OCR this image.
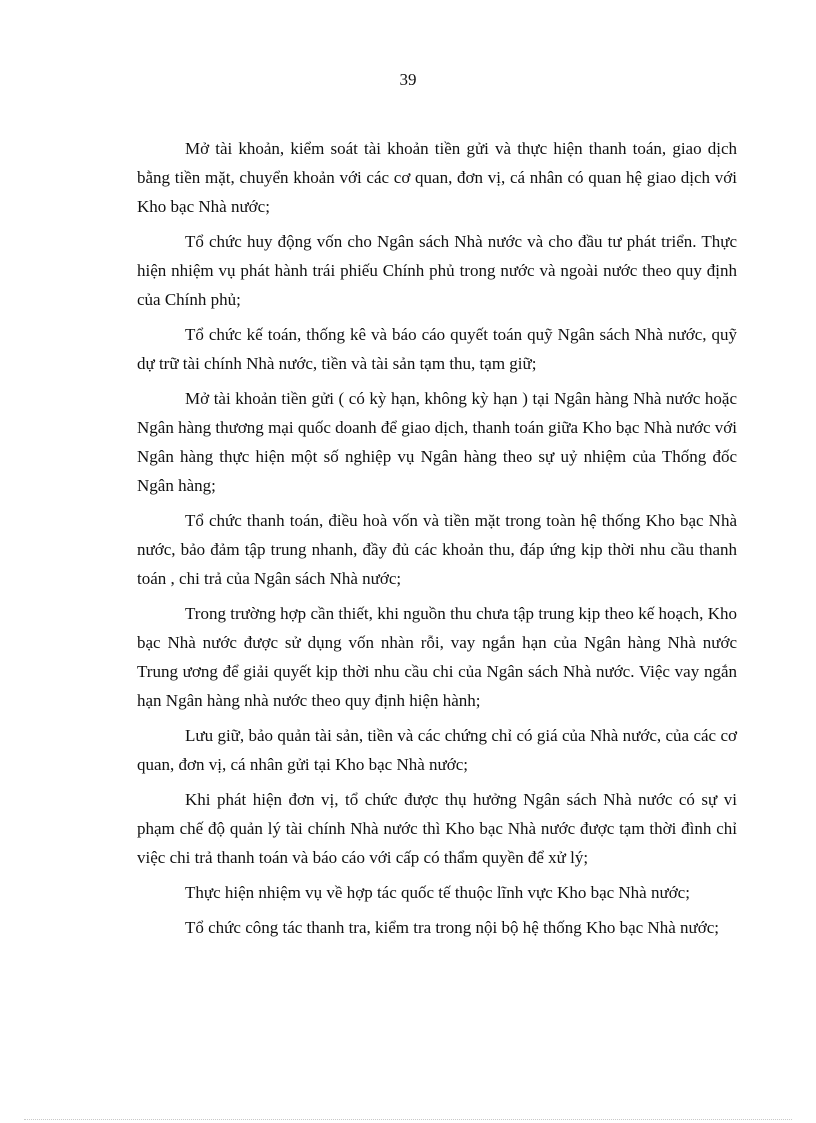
39

Mở tài khoản, kiểm soát tài khoản tiền gửi và thực hiện thanh toán, giao dịch bằng tiền mặt, chuyển khoản với các cơ quan, đơn vị, cá nhân có quan hệ giao dịch với Kho bạc Nhà nước;

Tổ chức huy động vốn cho Ngân sách Nhà nước và cho đầu tư phát triển. Thực hiện nhiệm vụ phát hành trái phiếu Chính phủ trong nước và ngoài nước theo quy định của Chính phủ;

Tổ chức kế toán, thống kê và báo cáo quyết toán quỹ Ngân sách Nhà nước, quỹ dự trữ tài chính Nhà nước, tiền và tài sản tạm thu, tạm giữ;

Mở tài khoản tiền gửi ( có kỳ hạn, không kỳ hạn ) tại Ngân hàng Nhà nước hoặc Ngân hàng thương mại quốc doanh để giao dịch, thanh toán giữa Kho bạc Nhà nước với Ngân hàng thực hiện một số nghiệp vụ Ngân hàng theo sự uỷ nhiệm của Thống đốc Ngân hàng;

Tổ chức thanh toán, điều hoà vốn và tiền mặt trong toàn hệ thống Kho bạc Nhà nước, bảo đảm tập trung nhanh, đầy đủ các khoản thu, đáp ứng kịp thời nhu cầu thanh toán , chi trả của Ngân sách Nhà nước;

Trong trường hợp cần thiết, khi nguồn thu chưa tập trung kịp theo kế hoạch, Kho bạc Nhà nước được sử dụng vốn nhàn rỗi, vay ngắn hạn của Ngân hàng Nhà nước Trung ương để giải quyết kịp thời nhu cầu chi của Ngân sách Nhà nước. Việc vay ngắn hạn Ngân hàng nhà nước theo quy định hiện hành;

Lưu giữ, bảo quản tài sản, tiền và các chứng chỉ có giá của Nhà nước, của các cơ quan, đơn vị, cá nhân gửi tại Kho bạc Nhà nước;

Khi phát hiện đơn vị, tổ chức được thụ hưởng Ngân sách Nhà nước có sự vi phạm chế độ quản lý tài chính Nhà nước thì Kho bạc Nhà nước được tạm thời đình chỉ việc chi trả thanh toán và báo cáo với cấp có thẩm quyền để xử lý;

Thực hiện nhiệm vụ về hợp tác quốc tế thuộc lĩnh vực Kho bạc Nhà nước;

Tổ chức công tác thanh tra, kiểm tra trong nội bộ hệ thống Kho bạc Nhà nước;
